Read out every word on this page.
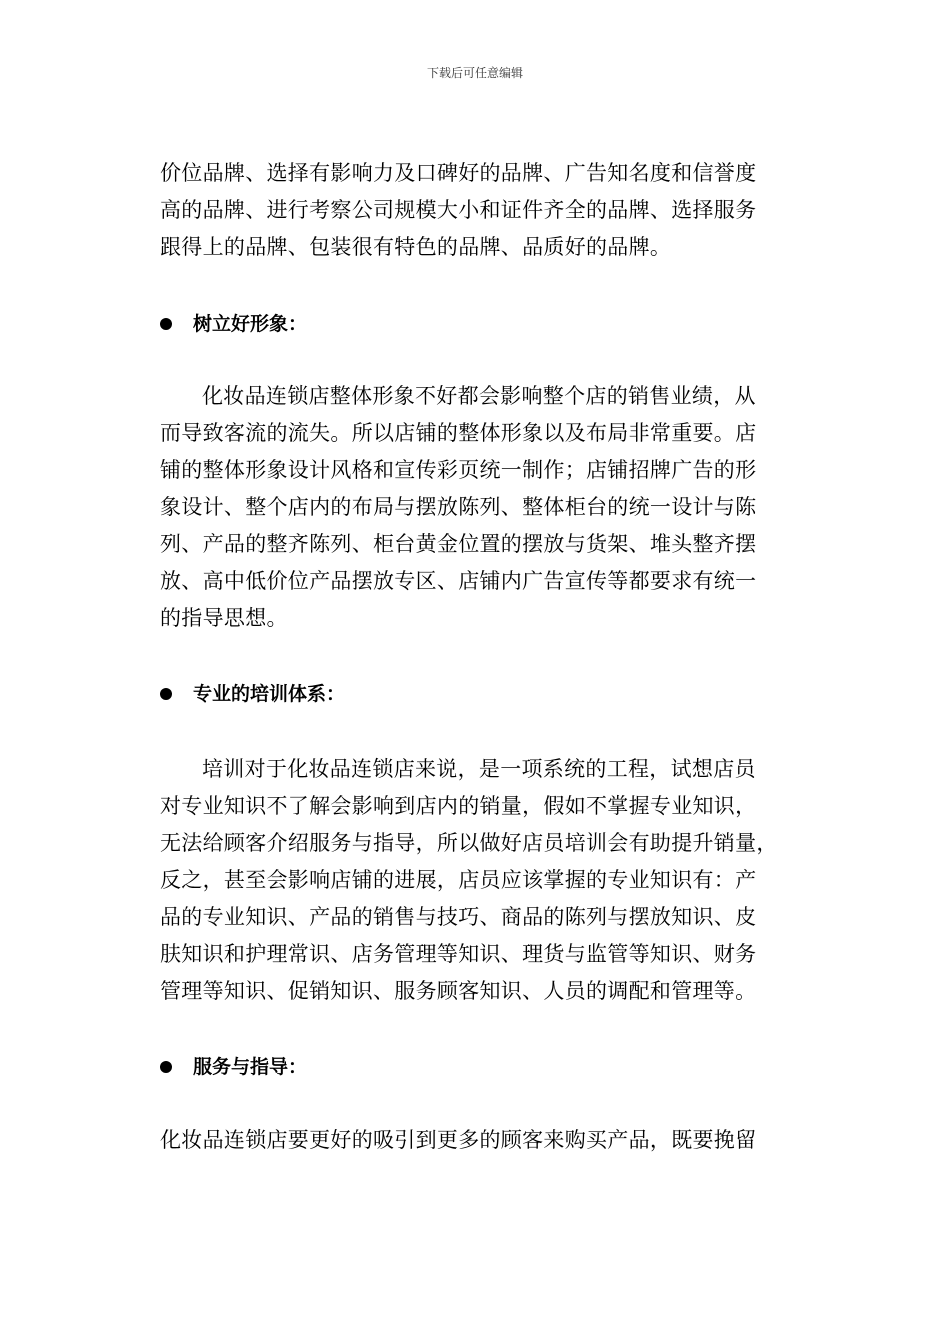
下载后可任意编辑

价位品牌、选择有影响力及口碑好的品牌、广告知名度和信誉度
高的品牌、进行考察公司规模大小和证件齐全的品牌、选择服务
跟得上的品牌、包装很有特色的品牌、品质好的品牌。

树立好形象：

化妆品连锁店整体形象不好都会影响整个店的销售业绩，从
而导致客流的流失。所以店铺的整体形象以及布局非常重要。店
铺的整体形象设计风格和宣传彩页统一制作；店铺招牌广告的形
象设计、整个店内的布局与摆放陈列、整体柜台的统一设计与陈
列、产品的整齐陈列、柜台黄金位置的摆放与货架、堆头整齐摆
放、高中低价位产品摆放专区、店铺内广告宣传等都要求有统一
的指导思想。

专业的培训体系：

培训对于化妆品连锁店来说，是一项系统的工程，试想店员
对专业知识不了解会影响到店内的销量，假如不掌握专业知识，
无法给顾客介绍服务与指导，所以做好店员培训会有助提升销量，
反之，甚至会影响店铺的进展，店员应该掌握的专业知识有：产
品的专业知识、产品的销售与技巧、商品的陈列与摆放知识、皮
肤知识和护理常识、店务管理等知识、理货与监管等知识、财务
管理等知识、促销知识、服务顾客知识、人员的调配和管理等。

服务与指导：

化妆品连锁店要更好的吸引到更多的顾客来购买产品，既要挽留
